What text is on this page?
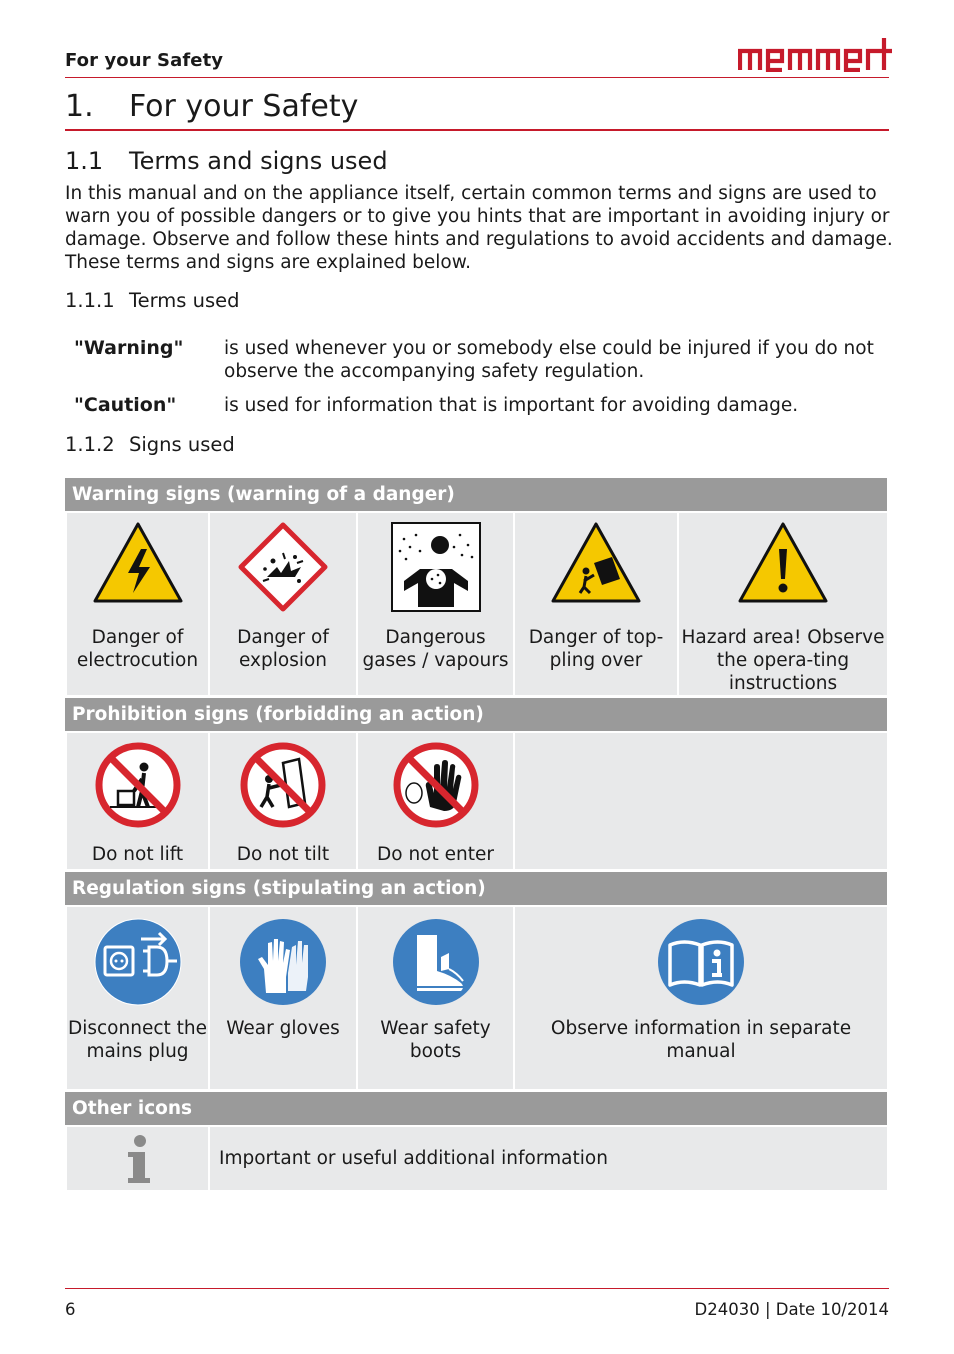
For your Safety
1. For your Safety
1.1 Terms and signs used
In this manual and on the appliance itself, certain common terms and signs are used to warn you of possible dangers or to give you hints that are important in avoiding injury or damage. Observe and follow these hints and regulations to avoid accidents and damage. These terms and signs are explained below.
1.1.1 Terms used
"Warning" is used whenever you or somebody else could be injured if you do not observe the accompanying safety regulation.
"Caution"	is used for information that is important for avoiding damage.
1.1.2 Signs used
Warning signs (warning of a danger)
Danger of electrocution
Danger of explosion
Dangerous gases / vapours
Danger of top-pling over
Hazard area! Observe the opera-ting instructions
Prohibition signs (forbidding an action)
Do not lift	Do not tilt	Do not enter
Regulation signs (stipulating an action)
Disconnect the mains plug
Wear gloves	Wear safety boots
Observe information in separate manual
Other icons
Important or useful additional information
6	D24030 | Date 10/2014
